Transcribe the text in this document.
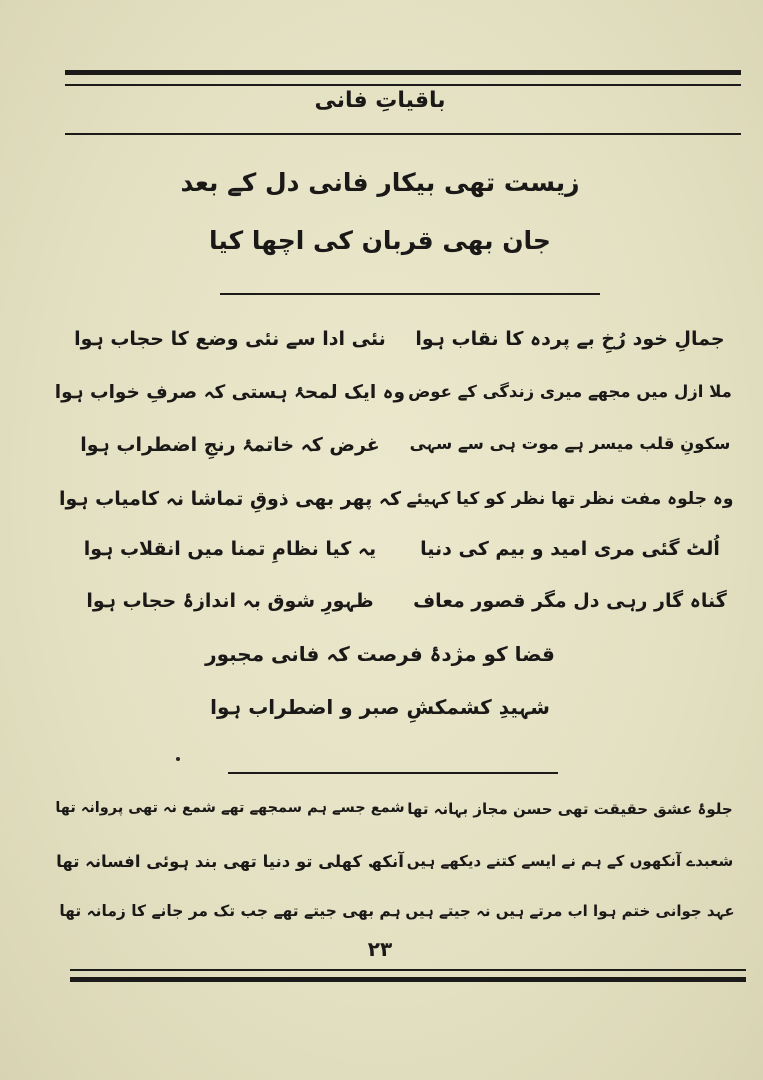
باقیاتِ فانی
زیست تھی بیکار فانی دل کے بعد
جان بھی قربان کی اچھا کیا
جمالِ خود رُخِ بے پردہ کا نقاب ہوا
نئی ادا سے نئی وضع کا حجاب ہوا
ملا ازل میں مجھے میری زندگی کے عوض
وہ ایک لمحۂ ہستی کہ صرفِ خواب ہوا
سکونِ قلب میسر ہے موت ہی سے سہی
غرض کہ خاتمۂ رنجِ اضطراب ہوا
وہ جلوہ مفت نظر تھا نظر کو کیا کہیئے
کہ پھر بھی ذوقِ تماشا نہ کامیاب ہوا
اُلٹ گئی مری امید و بیم کی دنیا
یہ کیا نظامِ تمنا میں انقلاب ہوا
گناہ گار رہی دل مگر قصور معاف
ظہورِ شوق بہ اندازۂ حجاب ہوا
قضا کو مژدۂ فرصت کہ فانی مجبور
شہیدِ کشمکشِ صبر و اضطراب ہوا
جلوۂ عشق حقیقت تھی حسن مجاز بہانہ تھا
شمع جسے ہم سمجھے تھے شمع نہ تھی پروانہ تھا
شعبدے آنکھوں کے ہم نے ایسے کتنے دیکھے ہیں
آنکھ کھلی تو دنیا تھی بند ہوئی افسانہ تھا
عہد جوانی ختم ہوا اب مرتے ہیں نہ جیتے ہیں
ہم بھی جیتے تھے جب تک مر جانے کا زمانہ تھا
۲۳
